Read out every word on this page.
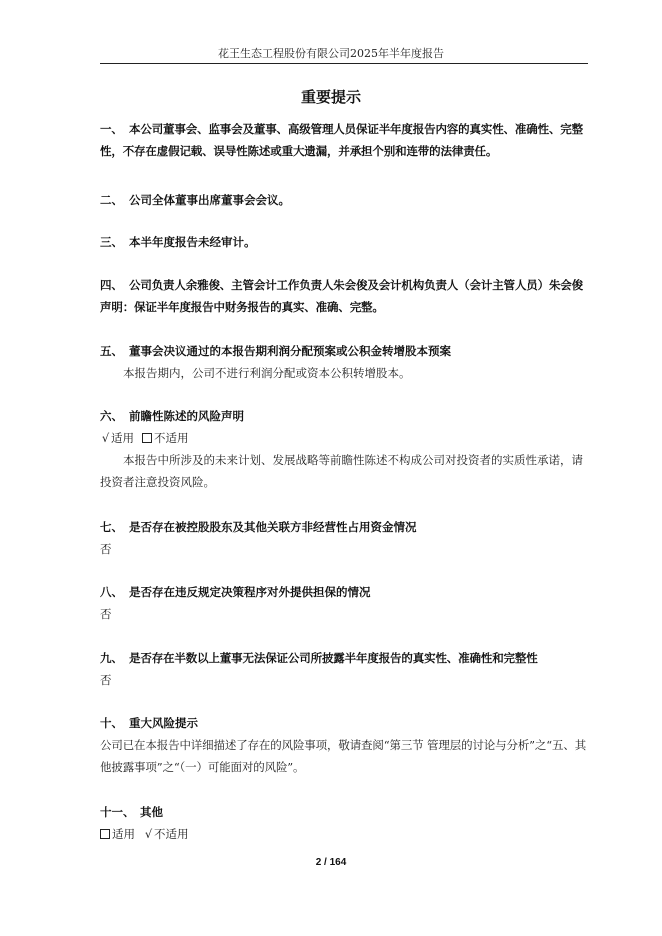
花王生态工程股份有限公司2025年半年度报告
重要提示
一、 本公司董事会、监事会及董事、高级管理人员保证半年度报告内容的真实性、准确性、完整性，不存在虚假记载、误导性陈述或重大遗漏，并承担个别和连带的法律责任。
二、 公司全体董事出席董事会会议。
三、 本半年度报告未经审计。
四、 公司负责人余雅俊、主管会计工作负责人朱会俊及会计机构负责人（会计主管人员）朱会俊声明：保证半年度报告中财务报告的真实、准确、完整。
五、 董事会决议通过的本报告期利润分配预案或公积金转增股本预案
本报告期内，公司不进行利润分配或资本公积转增股本。
六、 前瞻性陈述的风险声明
√ 适用 不适用
本报告中所涉及的未来计划、发展战略等前瞻性陈述不构成公司对投资者的实质性承诺，请投资者注意投资风险。
七、 是否存在被控股股东及其他关联方非经营性占用资金情况
否
八、 是否存在违反规定决策程序对外提供担保的情况
否
九、 是否存在半数以上董事无法保证公司所披露半年度报告的真实性、准确性和完整性
否
十、 重大风险提示
公司已在本报告中详细描述了存在的风险事项，敬请查阅“第三节 管理层的讨论与分析”之“五、其他披露事项”之“（一）可能面对的风险”。
十一、 其他
适用 √ 不适用
2 / 164
